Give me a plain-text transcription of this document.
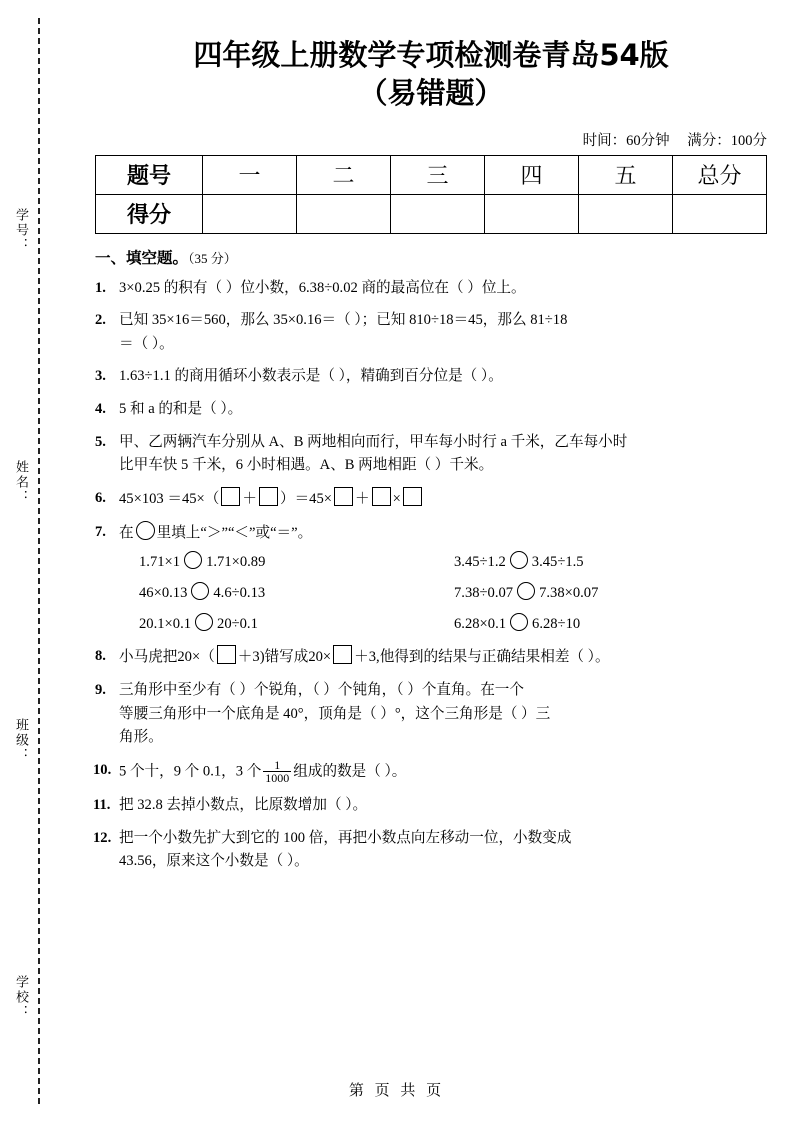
学号：
姓名：
班级：
学校：
四年级上册数学专项检测卷青岛54版
（易错题）
时间：60分钟 满分：100分
题号	一	二	三	四	五	总分
得分						
一、填空题。（35 分）
1. 3×0.25 的积有（ ）位小数，6.38÷0.02 商的最高位在（ ）位上。
2. 已知 35×16＝560，那么 35×0.16＝（ ）；已知 810÷18＝45，那么 81÷18
＝（ ）。
3. 1.63÷1.1 的商用循环小数表示是（ ），精确到百分位是（ ）。
4. 5 和 a 的和是（ ）。
5. 甲、乙两辆汽车分别从 A、B 两地相向而行，甲车每小时行 a 千米，乙车每小时
比甲车快 5 千米，6 小时相遇。A、B 两地相距（ ）千米。
6. 45×103 ＝45×（ ＋ ）＝45× ＋ ×
7. 在 里填上“＞”“＜”或“＝”。
1.71×1 1.71×0.89	3.45÷1.2 3.45÷1.5
46×0.13 4.6÷0.13	7.38÷0.07 7.38×0.07
20.1×0.1 20÷0.1	6.28×0.1 6.28÷10
8. 小马虎把20×（ ＋3)错写成20× ＋3,他得到的结果与正确结果相差（ ）。
9. 三角形中至少有（ ）个锐角，（ ）个钝角，（ ）个直角。在一个
等腰三角形中一个底角是 40°，顶角是（ ）°，这个三角形是（ ）三
角形。
10. 5 个十，9 个 0.1，3 个 $\frac{1}{1000}$ 组成的数是（ ）。
11. 把 32.8 去掉小数点，比原数增加（ ）。
12. 把一个小数先扩大到它的 100 倍，再把小数点向左移动一位，小数变成
43.56，原来这个小数是（ ）。
第 页 共 页
